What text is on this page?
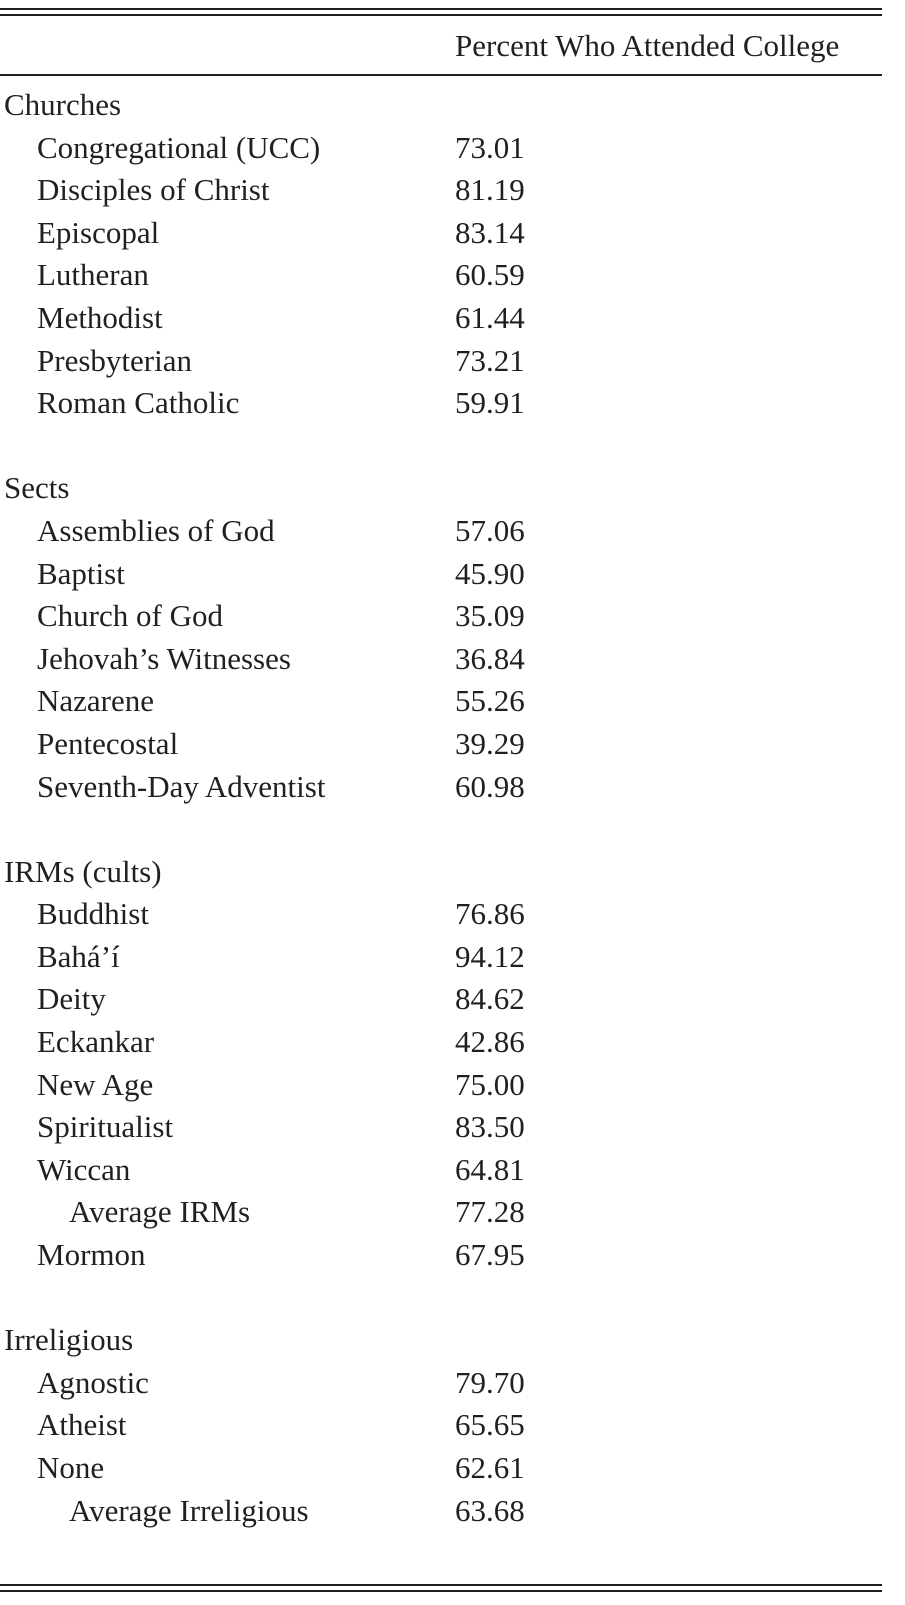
Percent Who Attended College
Churches
Congregational (UCC)	73.01
Disciples of Christ	81.19
Episcopal	83.14
Lutheran	60.59
Methodist	61.44
Presbyterian	73.21
Roman Catholic	59.91
Sects
Assemblies of God	57.06
Baptist	45.90
Church of God	35.09
Jehovah’s Witnesses	36.84
Nazarene	55.26
Pentecostal	39.29
Seventh-Day Adventist	60.98
IRMs (cults)
Buddhist	76.86
Bahá’í	94.12
Deity	84.62
Eckankar	42.86
New Age	75.00
Spiritualist	83.50
Wiccan	64.81
Average IRMs	77.28
Mormon	67.95
Irreligious
Agnostic	79.70
Atheist	65.65
None	62.61
Average Irreligious	63.68
